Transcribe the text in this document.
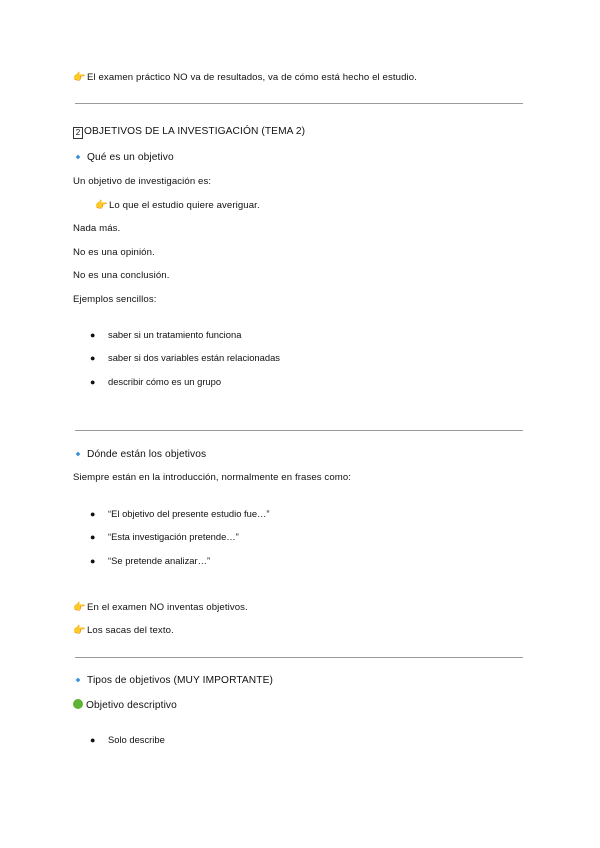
👉El examen práctico NO va de resultados, va de cómo está hecho el estudio.
2 OBJETIVOS DE LA INVESTIGACIÓN (TEMA 2)
Qué es un objetivo
Un objetivo de investigación es:
👉Lo que el estudio quiere averiguar.
Nada más.
No es una opinión.
No es una conclusión.
Ejemplos sencillos:
● saber si un tratamiento funciona
● saber si dos variables están relacionadas
● describir cómo es un grupo
Dónde están los objetivos
Siempre están en la introducción, normalmente en frases como:
● “El objetivo del presente estudio fue…”
● “Esta investigación pretende…”
● “Se pretende analizar…”
👉En el examen NO inventas objetivos.
👉Los sacas del texto.
Tipos de objetivos (MUY IMPORTANTE)
Objetivo descriptivo
● Solo describe
